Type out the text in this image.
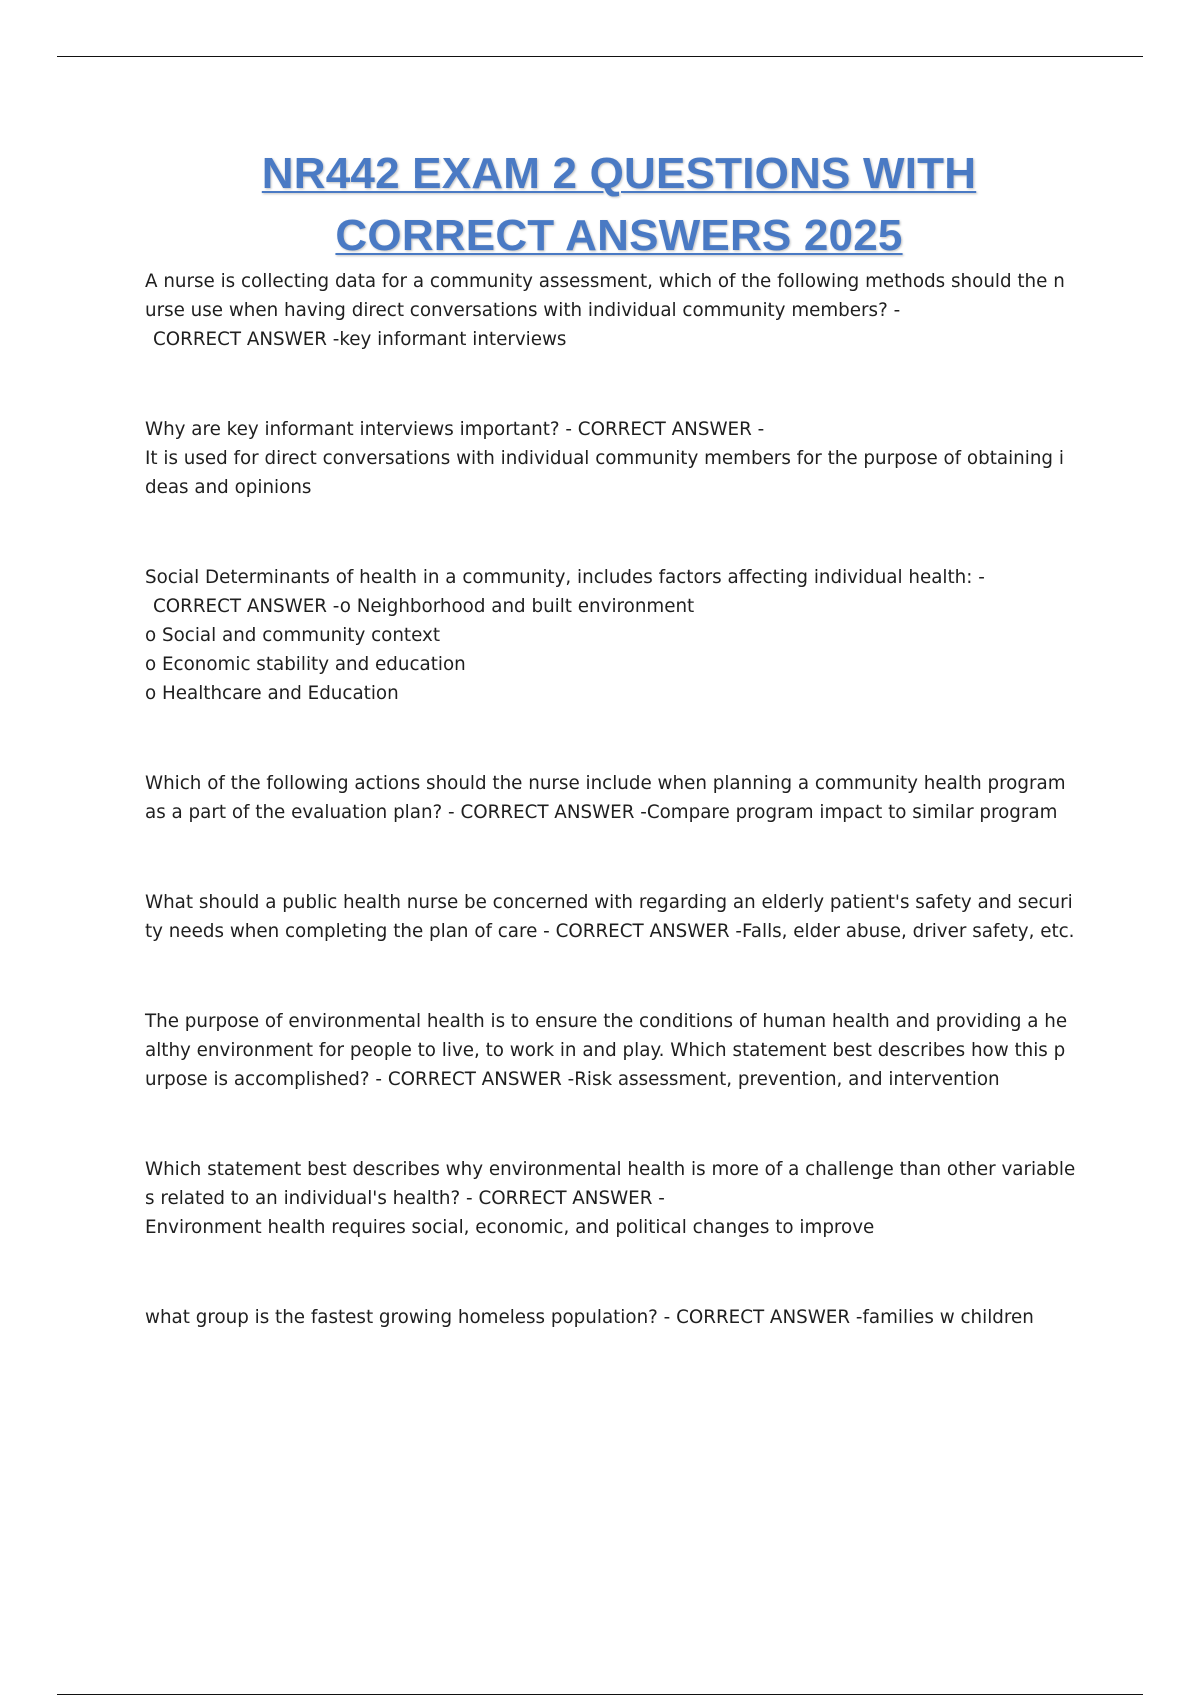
NR442 EXAM 2 QUESTIONS WITH
CORRECT ANSWERS 2025

A nurse is collecting data for a community assessment, which of the following methods should the n

urse use when having direct conversations with individual community members? -

CORRECT ANSWER -key informant interviews

Why are key informant interviews important? - CORRECT ANSWER -

It is used for direct conversations with individual community members for the purpose of obtaining i

deas and opinions

Social Determinants of health in a community, includes factors affecting individual health: -

CORRECT ANSWER -o Neighborhood and built environment

o Social and community context

o Economic stability and education

o Healthcare and Education

Which of the following actions should the nurse include when planning a community health program

as a part of the evaluation plan? - CORRECT ANSWER -Compare program impact to similar program

What should a public health nurse be concerned with regarding an elderly patient's safety and securi

ty needs when completing the plan of care - CORRECT ANSWER -Falls, elder abuse, driver safety, etc.

The purpose of environmental health is to ensure the conditions of human health and providing a he

althy environment for people to live, to work in and play. Which statement best describes how this p

urpose is accomplished? - CORRECT ANSWER -Risk assessment, prevention, and intervention

Which statement best describes why environmental health is more of a challenge than other variable

s related to an individual's health? - CORRECT ANSWER -

Environment health requires social, economic, and political changes to improve

what group is the fastest growing homeless population? - CORRECT ANSWER -families w children
